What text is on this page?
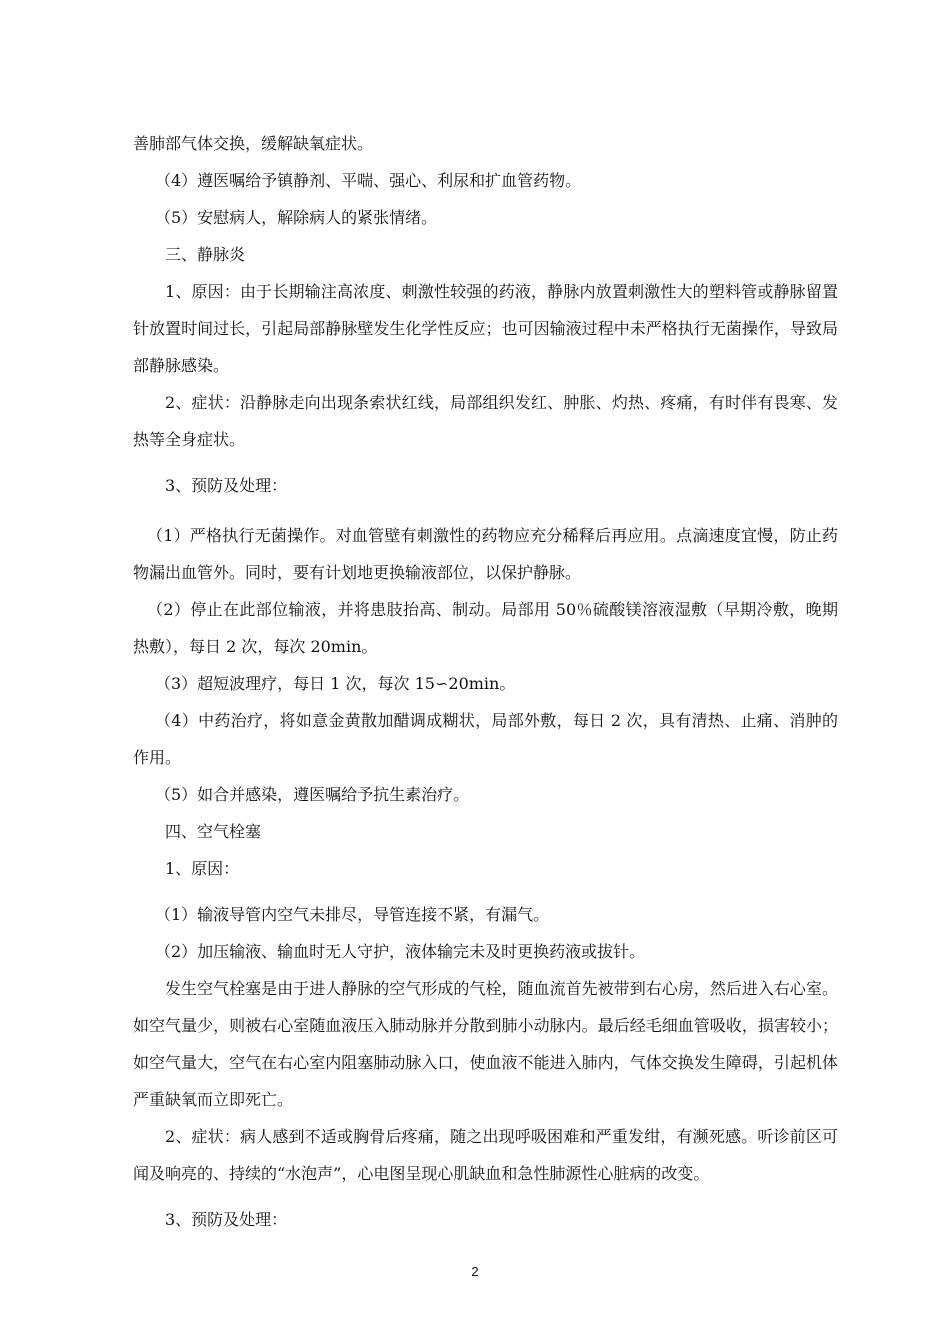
善肺部气体交换，缓解缺氧症状。

（4）遵医嘱给予镇静剂、平喘、强心、利尿和扩血管药物。

（5）安慰病人，解除病人的紧张情绪。

三、静脉炎

1、原因：由于长期输注高浓度、刺激性较强的药液，静脉内放置刺激性大的塑料管或静脉留置针放置时间过长，引起局部静脉壁发生化学性反应；也可因输液过程中未严格执行无菌操作，导致局部静脉感染。

2、症状：沿静脉走向出现条索状红线，局部组织发红、肿胀、灼热、疼痛，有时伴有畏寒、发热等全身症状。

3、预防及处理：

（1）严格执行无菌操作。对血管壁有刺激性的药物应充分稀释后再应用。点滴速度宜慢，防止药物漏出血管外。同时，要有计划地更换输液部位，以保护静脉。

（2）停止在此部位输液，并将患肢抬高、制动。局部用 50％硫酸镁溶液湿敷（早期冷敷，晚期热敷），每日 2 次，每次 20min。

（3）超短波理疗，每日 1 次，每次 15∽20min。

（4）中药治疗，将如意金黄散加醋调成糊状，局部外敷，每日 2 次，具有清热、止痛、消肿的作用。

（5）如合并感染，遵医嘱给予抗生素治疗。

四、空气栓塞

1、原因：

（1）输液导管内空气未排尽，导管连接不紧，有漏气。

（2）加压输液、输血时无人守护，液体输完未及时更换药液或拔针。

发生空气栓塞是由于进人静脉的空气形成的气栓，随血流首先被带到右心房，然后进入右心室。如空气量少，则被右心室随血液压入肺动脉并分散到肺小动脉内。最后经毛细血管吸收，损害较小；如空气量大，空气在右心室内阻塞肺动脉入口，使血液不能进入肺内，气体交换发生障碍，引起机体严重缺氧而立即死亡。

2、症状：病人感到不适或胸骨后疼痛，随之出现呼吸困难和严重发绀，有濒死感。听诊前区可闻及响亮的、持续的“水泡声”，心电图呈现心肌缺血和急性肺源性心脏病的改变。

3、预防及处理：

2
